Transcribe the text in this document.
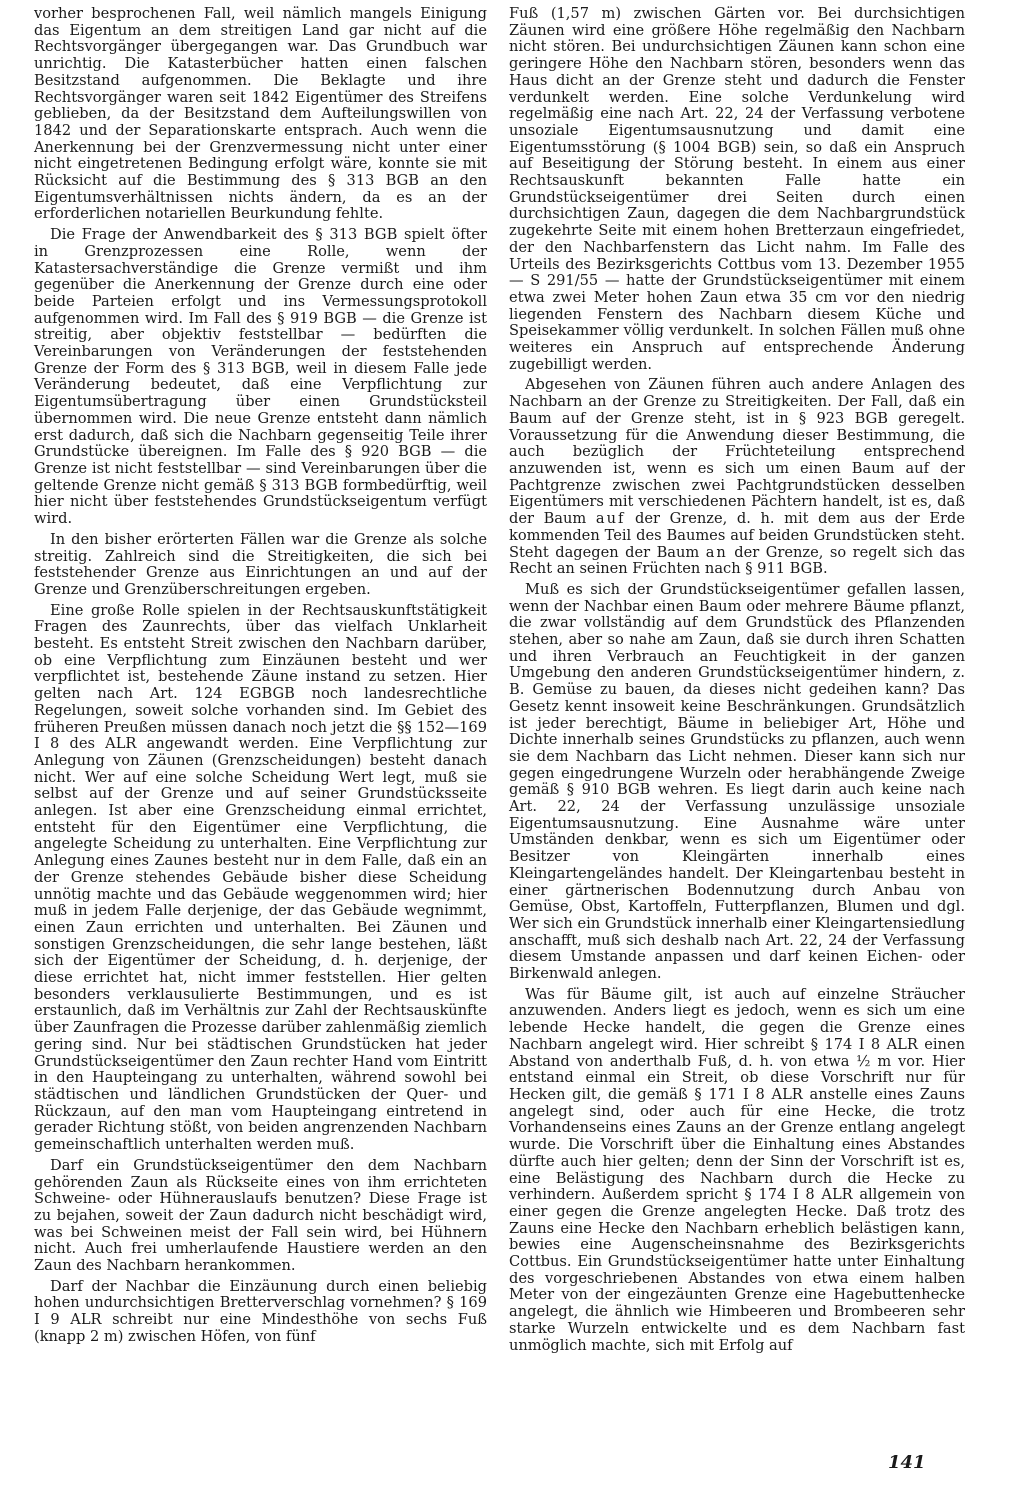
vorher besprochenen Fall, weil nämlich mangels Einigung das Eigentum an dem streitigen Land gar nicht auf die Rechtsvorgänger übergegangen war. Das Grundbuch war unrichtig. Die Katasterbücher hatten einen falschen Besitzstand aufgenommen. Die Beklagte und ihre Rechtsvorgänger waren seit 1842 Eigentümer des Streifens geblieben, da der Besitzstand dem Aufteilungswillen von 1842 und der Separationskarte entsprach. Auch wenn die Anerkennung bei der Grenzvermessung nicht unter einer nicht eingetretenen Bedingung erfolgt wäre, konnte sie mit Rücksicht auf die Bestimmung des § 313 BGB an den Eigentumsverhältnissen nichts ändern, da es an der erforderlichen notariellen Beurkundung fehlte.

Die Frage der Anwendbarkeit des § 313 BGB spielt öfter in Grenzprozessen eine Rolle, wenn der Katastersachverständige die Grenze vermißt und ihm gegenüber die Anerkennung der Grenze durch eine oder beide Parteien erfolgt und ins Vermessungsprotokoll aufgenommen wird. Im Fall des § 919 BGB — die Grenze ist streitig, aber objektiv feststellbar — bedürften die Vereinbarungen von Veränderungen der feststehenden Grenze der Form des § 313 BGB, weil in diesem Falle jede Veränderung bedeutet, daß eine Verpflichtung zur Eigentumsübertragung über einen Grundstücksteil übernommen wird. Die neue Grenze entsteht dann nämlich erst dadurch, daß sich die Nachbarn gegenseitig Teile ihrer Grundstücke übereignen. Im Falle des § 920 BGB — die Grenze ist nicht feststellbar — sind Vereinbarungen über die geltende Grenze nicht gemäß § 313 BGB formbedürftig, weil hier nicht über feststehendes Grundstückseigentum verfügt wird.

In den bisher erörterten Fällen war die Grenze als solche streitig. Zahlreich sind die Streitigkeiten, die sich bei feststehender Grenze aus Einrichtungen an und auf der Grenze und Grenzüberschreitungen ergeben.

Eine große Rolle spielen in der Rechtsauskunftstätigkeit Fragen des Zaunrechts, über das vielfach Unklarheit besteht. Es entsteht Streit zwischen den Nachbarn darüber, ob eine Verpflichtung zum Einzäunen besteht und wer verpflichtet ist, bestehende Zäune instand zu setzen. Hier gelten nach Art. 124 EGBGB noch landesrechtliche Regelungen, soweit solche vorhanden sind. Im Gebiet des früheren Preußen müssen danach noch jetzt die §§ 152—169 I 8 des ALR angewandt werden. Eine Verpflichtung zur Anlegung von Zäunen (Grenzscheidungen) besteht danach nicht. Wer auf eine solche Scheidung Wert legt, muß sie selbst auf der Grenze und auf seiner Grundstücksseite anlegen. Ist aber eine Grenzscheidung einmal errichtet, entsteht für den Eigentümer eine Verpflichtung, die angelegte Scheidung zu unterhalten. Eine Verpflichtung zur Anlegung eines Zaunes besteht nur in dem Falle, daß ein an der Grenze stehendes Gebäude bisher diese Scheidung unnötig machte und das Gebäude weggenommen wird; hier muß in jedem Falle derjenige, der das Gebäude wegnimmt, einen Zaun errichten und unterhalten. Bei Zäunen und sonstigen Grenzscheidungen, die sehr lange bestehen, läßt sich der Eigentümer der Scheidung, d. h. derjenige, der diese errichtet hat, nicht immer feststellen. Hier gelten besonders verklausulierte Bestimmungen, und es ist erstaunlich, daß im Verhältnis zur Zahl der Rechtsauskünfte über Zaunfragen die Prozesse darüber zahlenmäßig ziemlich gering sind. Nur bei städtischen Grundstücken hat jeder Grundstückseigentümer den Zaun rechter Hand vom Eintritt in den Haupteingang zu unterhalten, während sowohl bei städtischen und ländlichen Grundstücken der Quer- und Rückzaun, auf den man vom Haupteingang eintretend in gerader Richtung stößt, von beiden angrenzenden Nachbarn gemeinschaftlich unterhalten werden muß.

Darf ein Grundstückseigentümer den dem Nachbarn gehörenden Zaun als Rückseite eines von ihm errichteten Schweine- oder Hühnerauslaufs benutzen? Diese Frage ist zu bejahen, soweit der Zaun dadurch nicht beschädigt wird, was bei Schweinen meist der Fall sein wird, bei Hühnern nicht. Auch frei umherlaufende Haustiere werden an den Zaun des Nachbarn herankommen.

Darf der Nachbar die Einzäunung durch einen beliebig hohen undurchsichtigen Bretterverschlag vornehmen? § 169 I 9 ALR schreibt nur eine Mindesthöhe von sechs Fuß (knapp 2 m) zwischen Höfen, von fünf

Fuß (1,57 m) zwischen Gärten vor. Bei durchsichtigen Zäunen wird eine größere Höhe regelmäßig den Nachbarn nicht stören. Bei undurchsichtigen Zäunen kann schon eine geringere Höhe den Nachbarn stören, besonders wenn das Haus dicht an der Grenze steht und dadurch die Fenster verdunkelt werden. Eine solche Verdunkelung wird regelmäßig eine nach Art. 22, 24 der Verfassung verbotene unsoziale Eigentumsausnutzung und damit eine Eigentumsstörung (§ 1004 BGB) sein, so daß ein Anspruch auf Beseitigung der Störung besteht. In einem aus einer Rechtsauskunft bekannten Falle hatte ein Grundstückseigentümer drei Seiten durch einen durchsichtigen Zaun, dagegen die dem Nachbargrundstück zugekehrte Seite mit einem hohen Bretterzaun eingefriedet, der den Nachbarfenstern das Licht nahm. Im Falle des Urteils des Bezirksgerichts Cottbus vom 13. Dezember 1955 — S 291/55 — hatte der Grundstückseigentümer mit einem etwa zwei Meter hohen Zaun etwa 35 cm vor den niedrig liegenden Fenstern des Nachbarn diesem Küche und Speisekammer völlig verdunkelt. In solchen Fällen muß ohne weiteres ein Anspruch auf entsprechende Änderung zugebilligt werden.

Abgesehen von Zäunen führen auch andere Anlagen des Nachbarn an der Grenze zu Streitigkeiten. Der Fall, daß ein Baum auf der Grenze steht, ist in § 923 BGB geregelt. Voraussetzung für die Anwendung dieser Bestimmung, die auch bezüglich der Früchteteilung entsprechend anzuwenden ist, wenn es sich um einen Baum auf der Pachtgrenze zwischen zwei Pachtgrundstücken desselben Eigentümers mit verschiedenen Pächtern handelt, ist es, daß der Baum auf der Grenze, d. h. mit dem aus der Erde kommenden Teil des Baumes auf beiden Grundstücken steht. Steht dagegen der Baum an der Grenze, so regelt sich das Recht an seinen Früchten nach § 911 BGB.

Muß es sich der Grundstückseigentümer gefallen lassen, wenn der Nachbar einen Baum oder mehrere Bäume pflanzt, die zwar vollständig auf dem Grundstück des Pflanzenden stehen, aber so nahe am Zaun, daß sie durch ihren Schatten und ihren Verbrauch an Feuchtigkeit in der ganzen Umgebung den anderen Grundstückseigentümer hindern, z. B. Gemüse zu bauen, da dieses nicht gedeihen kann? Das Gesetz kennt insoweit keine Beschränkungen. Grundsätzlich ist jeder berechtigt, Bäume in beliebiger Art, Höhe und Dichte innerhalb seines Grundstücks zu pflanzen, auch wenn sie dem Nachbarn das Licht nehmen. Dieser kann sich nur gegen eingedrungene Wurzeln oder herabhängende Zweige gemäß § 910 BGB wehren. Es liegt darin auch keine nach Art. 22, 24 der Verfassung unzulässige unsoziale Eigentumsausnutzung. Eine Ausnahme wäre unter Umständen denkbar, wenn es sich um Eigentümer oder Besitzer von Kleingärten innerhalb eines Kleingartengeländes handelt. Der Kleingartenbau besteht in einer gärtnerischen Bodennutzung durch Anbau von Gemüse, Obst, Kartoffeln, Futterpflanzen, Blumen und dgl. Wer sich ein Grundstück innerhalb einer Kleingartensiedlung anschafft, muß sich deshalb nach Art. 22, 24 der Verfassung diesem Umstande anpassen und darf keinen Eichen- oder Birkenwald anlegen.

Was für Bäume gilt, ist auch auf einzelne Sträucher anzuwenden. Anders liegt es jedoch, wenn es sich um eine lebende Hecke handelt, die gegen die Grenze eines Nachbarn angelegt wird. Hier schreibt § 174 I 8 ALR einen Abstand von anderthalb Fuß, d. h. von etwa ½ m vor. Hier entstand einmal ein Streit, ob diese Vorschrift nur für Hecken gilt, die gemäß § 171 I 8 ALR anstelle eines Zauns angelegt sind, oder auch für eine Hecke, die trotz Vorhandenseins eines Zauns an der Grenze entlang angelegt wurde. Die Vorschrift über die Einhaltung eines Abstandes dürfte auch hier gelten; denn der Sinn der Vorschrift ist es, eine Belästigung des Nachbarn durch die Hecke zu verhindern. Außerdem spricht § 174 I 8 ALR allgemein von einer gegen die Grenze angelegten Hecke. Daß trotz des Zauns eine Hecke den Nachbarn erheblich belästigen kann, bewies eine Augenscheinsnahme des Bezirksgerichts Cottbus. Ein Grundstückseigentümer hatte unter Einhaltung des vorgeschriebenen Abstandes von etwa einem halben Meter von der eingezäunten Grenze eine Hagebuttenhecke angelegt, die ähnlich wie Himbeeren und Brombeeren sehr starke Wurzeln entwickelte und es dem Nachbarn fast unmöglich machte, sich mit Erfolg auf

141
